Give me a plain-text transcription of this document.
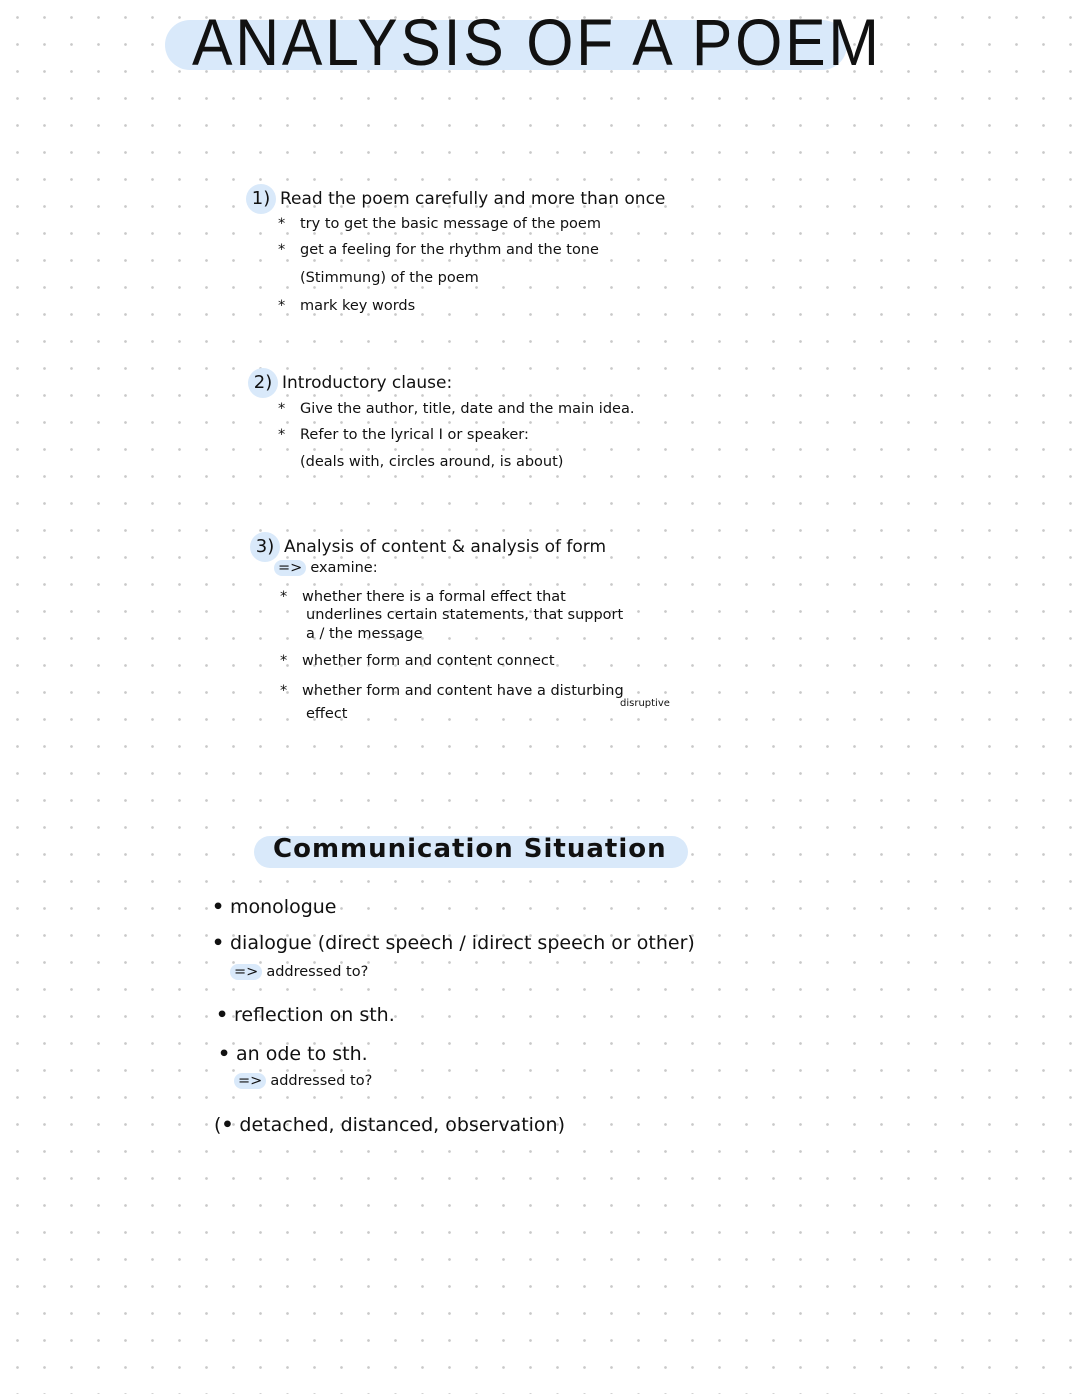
ANALYSIS OF A POEM
1) Read the poem carefully and more than once
* try to get the basic message of the poem
* get a feeling for the rhythm and the tone
(Stimmung) of the poem
* mark key words
2) Introductory clause:
* Give the author, title, date and the main idea.
* Refer to the lyrical I or speaker:
(deals with, circles around, is about)
3) Analysis of content & analysis of form
=> examine:
* whether there is a formal effect that
underlines certain statements, that support
a / the message
* whether form and content connect
* whether form and content have a disturbing
disruptive
effect
Communication Situation
• monologue
• dialogue (direct speech / idirect speech or other)
=> addressed to?
• reflection on sth.
• an ode to sth.
=> addressed to?
(• detached, distanced, observation)
